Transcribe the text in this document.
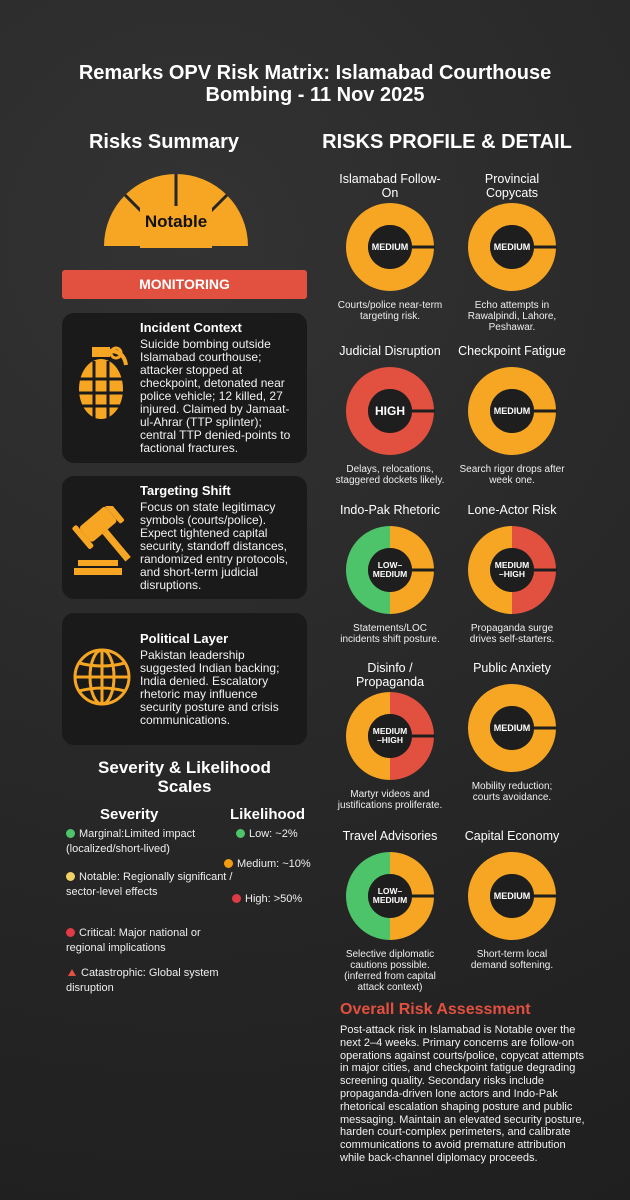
Remarks OPV Risk Matrix: Islamabad Courthouse
Bombing - 11 Nov 2025
Risks Summary
Notable
MONITORING
Incident Context
Suicide bombing outside Islamabad courthouse; attacker stopped at checkpoint, detonated near police vehicle; 12 killed, 27 injured. Claimed by Jamaat-ul-Ahrar (TTP splinter); central TTP denied-points to factional fractures.
Targeting Shift
Focus on state legitimacy symbols (courts/police). Expect tightened capital security, standoff distances, randomized entry protocols, and short-term judicial disruptions.
Political Layer
Pakistan leadership suggested Indian backing; India denied. Escalatory rhetoric may influence security posture and crisis communications.
Severity & Likelihood
Scales
Severity	Likelihood
Marginal:Limited impact (localized/short-lived)
Notable: Regionally significant / sector-level effects
Critical: Major national or regional implications
Catastrophic: Global system disruption
Low: ~2%
Medium: ~10%
High: >50%
RISKS PROFILE & DETAIL
Islamabad Follow-
On
MEDIUM
Courts/police near-term
targeting risk.
Provincial
Copycats
MEDIUM
Echo attempts in
Rawalpindi, Lahore,
Peshawar.
Judicial Disruption
HIGH
Delays, relocations,
staggered dockets likely.
Checkpoint Fatigue
MEDIUM
Search rigor drops after
week one.
Indo-Pak Rhetoric
LOW–
MEDIUM
Statements/LOC
incidents shift posture.
Lone-Actor Risk
MEDIUM
–HIGH
Propaganda surge
drives self-starters.
Disinfo /
Propaganda
MEDIUM
–HIGH
Martyr videos and
justifications proliferate.
Public Anxiety
MEDIUM
Mobility reduction;
courts avoidance.
Travel Advisories
LOW–
MEDIUM
Selective diplomatic
cautions possible.
(inferred from capital
attack context)
Capital Economy
MEDIUM
Short-term local
demand softening.
Overall Risk Assessment
Post-attack risk in Islamabad is Notable over the next 2–4 weeks. Primary concerns are follow-on operations against courts/police, copycat attempts in major cities, and checkpoint fatigue degrading screening quality. Secondary risks include propaganda-driven lone actors and Indo-Pak rhetorical escalation shaping posture and public messaging. Maintain an elevated security posture, harden court-complex perimeters, and calibrate communications to avoid premature attribution while back-channel diplomacy proceeds.
